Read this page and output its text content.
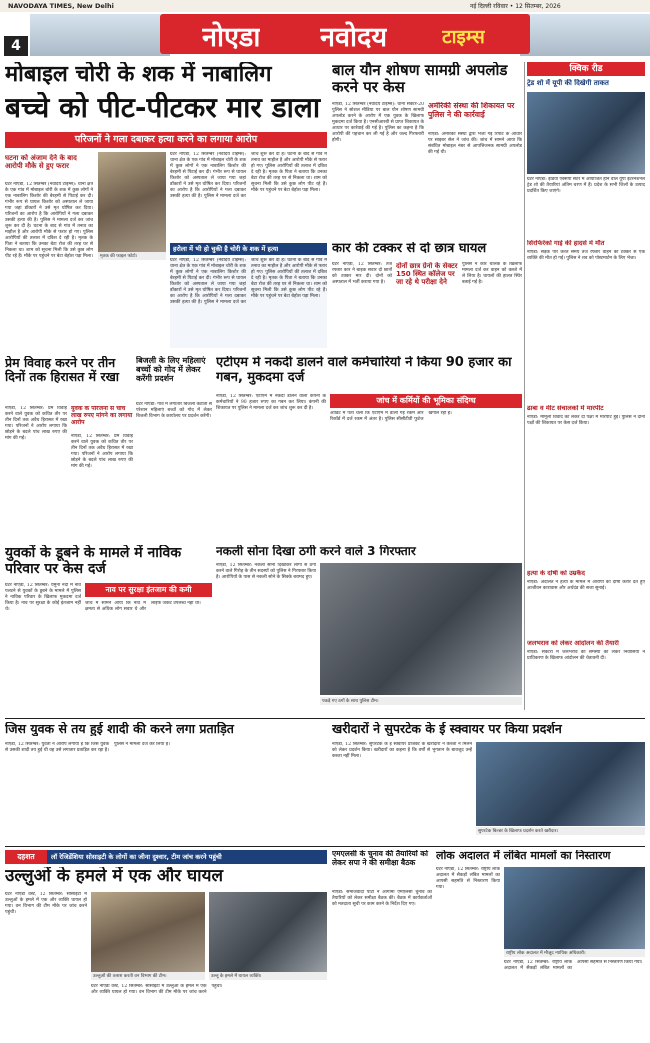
NAVODAYA TIMES, New Delhi	नई दिल्ली रविवार • 12 सितम्बर, 2026
4	नोएडा नवोदय	टाइम्स
मोबाइल चोरी के शक में नाबालिग
बच्चे को पीट-पीटकर मार डाला
परिजनों ने गला दबाकर हत्या करने का लगाया आरोप
घटना को अंजाम देने के बाद आरोपी मौके से हुए फरार
ग्रेटर नोएडा, 12 सितम्बर (नवोदय टाइम्स): थाना क्षेत्र के एक गांव में मोबाइल चोरी के शक में कुछ लोगों ने एक नाबालिग किशोर की बेरहमी से पिटाई कर दी। गंभीर रूप से घायल किशोर को अस्पताल ले जाया गया जहां डॉक्टरों ने उसे मृत घोषित कर दिया। परिजनों का आरोप है कि आरोपियों ने गला दबाकर उसकी हत्या की है। पुलिस ने मामला दर्ज कर जांच शुरू कर दी है। घटना के बाद से गांव में तनाव का माहौल है और आरोपी मौके से फरार हो गए। पुलिस आरोपियों की तलाश में दबिश दे रही है। मृतक के पिता ने बताया कि उनका बेटा रोज की तरह घर से निकला था। शाम को सूचना मिली कि उसे कुछ लोग पीट रहे हैं। मौके पर पहुंचने पर बेटा बेहोश पड़ा मिला।	मृतक की फाइल फोटो।
ग्रेटर नोएडा, 12 सितम्बर (नवोदय टाइम्स): थाना क्षेत्र के एक गांव में मोबाइल चोरी के शक में कुछ लोगों ने एक नाबालिग किशोर की बेरहमी से पिटाई कर दी। गंभीर रूप से घायल किशोर को अस्पताल ले जाया गया जहां डॉक्टरों ने उसे मृत घोषित कर दिया। परिजनों का आरोप है कि आरोपियों ने गला दबाकर उसकी हत्या की है। पुलिस ने मामला दर्ज कर जांच शुरू कर दी है। घटना के बाद से गांव में तनाव का माहौल है और आरोपी मौके से फरार हो गए। पुलिस आरोपियों की तलाश में दबिश दे रही है। मृतक के पिता ने बताया कि उनका बेटा रोज की तरह घर से निकला था। शाम को सूचना मिली कि उसे कुछ लोग पीट रहे हैं। मौके पर पहुंचने पर बेटा बेहोश पड़ा मिला।
हरोला में भी हो चुकी है चोरी के शक में हत्या
ग्रेटर नोएडा, 12 सितम्बर (नवोदय टाइम्स): थाना क्षेत्र के एक गांव में मोबाइल चोरी के शक में कुछ लोगों ने एक नाबालिग किशोर की बेरहमी से पिटाई कर दी। गंभीर रूप से घायल किशोर को अस्पताल ले जाया गया जहां डॉक्टरों ने उसे मृत घोषित कर दिया। परिजनों का आरोप है कि आरोपियों ने गला दबाकर उसकी हत्या की है। पुलिस ने मामला दर्ज कर जांच शुरू कर दी है। घटना के बाद से गांव में तनाव का माहौल है और आरोपी मौके से फरार हो गए। पुलिस आरोपियों की तलाश में दबिश दे रही है। मृतक के पिता ने बताया कि उनका बेटा रोज की तरह घर से निकला था। शाम को सूचना मिली कि उसे कुछ लोग पीट रहे हैं। मौके पर पहुंचने पर बेटा बेहोश पड़ा मिला।
बाल यौन शोषण सामग्री अपलोड करने पर केस
नोएडा, 12 सितम्बर (नवोदय टाइम्स): थाना सेक्टर-20 पुलिस ने सोशल मीडिया पर बाल यौन शोषण सामग्री अपलोड करने के आरोप में एक युवक के खिलाफ मुकदमा दर्ज किया है। एनसीआरबी से प्राप्त शिकायत के आधार पर कार्रवाई की गई है। पुलिस का कहना है कि आरोपी की पहचान कर ली गई है और जल्द गिरफ्तारी होगी।
अमेरिकी संस्था की शिकायत पर पुलिस ने की कार्रवाई
नोएडा: अमेरिकी संस्था द्वारा भेजी गई रिपोर्ट के आधार पर साइबर सेल ने जांच की। जांच में सामने आया कि संबंधित मोबाइल नंबर से आपत्तिजनक सामग्री अपलोड की गई थी।
क्विक रीड
ट्रेड शो में यूपी की दिखेगी ताकत
ग्रेटर नोएडा: इंडिया एक्सपो सेंटर में आयोजित होने वाले यूपी इंटरनेशनल ट्रेड शो की तैयारियां अंतिम चरण में हैं। प्रदेश के सभी जिलों के उत्पाद प्रदर्शित किए जाएंगे।
सिरफिरेकों गाई की हादसे में मौत
नोएडा: सड़क पार करते समय तेज रफ्तार वाहन की टक्कर से एक व्यक्ति की मौत हो गई। पुलिस ने शव को पोस्टमार्टम के लिए भेजा।
ढाबा व मीट संचालकों में मारपीट
नोएडा: मामूली विवाद को लेकर दो पक्षों में मारपीट हुई। पुलिस ने दोनों पक्षों की शिकायत पर केस दर्ज किया।
हत्या के दोषी को उम्रकैद
नोएडा: अदालत ने हत्या के मामले में आरोपी को दोषी करार देते हुए आजीवन कारावास और अर्थदंड की सजा सुनाई।
जलभराव को लेकर आंदोलन की तैयारी
नोएडा: सेक्टरों में जलभराव की समस्या को लेकर निवासियों ने प्राधिकरण के खिलाफ आंदोलन की चेतावनी दी।
कार की टक्कर से दो छात्र घायल
ग्रेटर नोएडा, 12 सितम्बर: तेज रफ्तार कार ने बाइक सवार दो छात्रों को टक्कर मार दी। दोनों को अस्पताल में भर्ती कराया गया है।
दोनों छात्र ग्रेनो के सेक्टर 150 स्थित कॉलेज पर जा रहे थे परीक्षा देने
पुलिस ने कार चालक के खिलाफ मामला दर्ज कर वाहन को कब्जे में ले लिया है। घायलों की हालत स्थिर बताई गई है।
प्रेम विवाह करने पर तीन दिनों तक हिरासत में रखा
नोएडा, 12 सितम्बर: प्रेम विवाह करने वाले युवक को कथित तौर पर तीन दिनों तक अवैध हिरासत में रखा गया। परिजनों ने आरोप लगाया कि छोड़ने के बदले पांच लाख रुपए की मांग की गई।
युवक के परिजनों से चांच लाख रुपए मांगने का लगाया आरोप
नोएडा, 12 सितम्बर: प्रेम विवाह करने वाले युवक को कथित तौर पर तीन दिनों तक अवैध हिरासत में रखा गया। परिजनों ने आरोप लगाया कि छोड़ने के बदले पांच लाख रुपए की मांग की गई।
बिजली के लिए महिलाएं बच्चों को गोद में लेकर करेंगी प्रदर्शन
ग्रेटर नोएडा: गांव में लगातार बिजली कटौती से परेशान महिलाएं बच्चों को गोद में लेकर बिजली विभाग के कार्यालय पर प्रदर्शन करेंगी।
एटीएम में नकदी डालने वाले कर्मचारियों ने किया 90 हजार का गबन, मुकदमा दर्ज
नोएडा, 12 सितम्बर: एटीएम में नकदी डालने वाली कंपनी के कर्मचारियों ने 90 हजार रुपए का गबन कर लिया। कंपनी की शिकायत पर पुलिस ने मामला दर्ज कर जांच शुरू कर दी है।
जांच में कर्मियों की भूमिका संदिग्ध
ऑडिट में पता चला कि एटीएम में डाली गई रकम और रिकॉर्ड में दर्ज रकम में अंतर है। पुलिस सीसीटीवी फुटेज खंगाल रही है।
नकली सोना दिखा ठगी करने वाले 3 गिरफ्तार
नोएडा, 12 सितम्बर: नकली सोना दिखाकर लोगों से ठगी करने वाले गिरोह के तीन सदस्यों को पुलिस ने गिरफ्तार किया है। आरोपियों के पास से नकली सोने के सिक्के बरामद हुए।
पकड़े गए ठगों के साथ पुलिस टीम।
युवकों के डूबने के मामले में नाविक परिवार पर केस दर्ज
नाव पर सुरक्षा इंतजाम की कमी
ग्रेटर नोएडा, 12 सितम्बर: यमुना नदी में नाव पलटने से युवकों के डूबने के मामले में पुलिस ने नाविक परिवार के खिलाफ मुकदमा दर्ज किया है। नाव पर सुरक्षा के कोई इंतजाम नहीं थे।
जांच में सामने आया कि नाव में क्षमता से अधिक लोग सवार थे और लाइफ जैकेट उपलब्ध नहीं थी।
जिस युवक से तय हुई शादी की करने लगा प्रताड़ित
नोएडा, 12 सितम्बर: युवती ने आरोप लगाया है कि जिस युवक से उसकी शादी तय हुई थी वह उसे लगातार प्रताड़ित कर रहा है। पुलिस ने मामला दर्ज कर लिया है।
खरीदारों ने सुपरटेक के ई स्क्वायर पर किया प्रदर्शन
नोएडा, 12 सितम्बर: सुपरटेक के ई स्क्वायर प्रोजेक्ट के खरीदारों ने कब्जा न मिलने को लेकर प्रदर्शन किया। खरीदारों का कहना है कि वर्षों से भुगतान के बावजूद उन्हें कब्जा नहीं मिला।
सुपरटेक बिल्डर के खिलाफ प्रदर्शन करते खरीदार।
दहशत	लॉ रेजिडेंशिया सोसाइटी के लोगों का जीना दुश्वार, टीम जांच करने पहुंची
उल्लुओं के हमले में एक और घायल
ग्रेटर नोएडा वेस्ट, 12 सितम्बर: सोसाइटी में उल्लुओं के हमले में एक और व्यक्ति घायल हो गया। वन विभाग की टीम मौके पर जांच करने पहुंची।
उल्लुओं की तलाश करती वन विभाग की टीम।	उल्लू के हमले में घायल व्यक्ति।
ग्रेटर नोएडा वेस्ट, 12 सितम्बर: सोसाइटी में उल्लुओं के हमले में एक और व्यक्ति घायल हो गया। वन विभाग की टीम मौके पर जांच करने पहुंची।
एमएलसी के चुनाव की तैयारियों को लेकर सपा ने की समीक्षा बैठक
नोएडा: समाजवादी पार्टी ने आगामी एमएलसी चुनाव की तैयारियों को लेकर समीक्षा बैठक की। बैठक में कार्यकर्ताओं को मतदाता सूची पर काम करने के निर्देश दिए गए।
लोक अदालत में लंबित मामलों का निस्तारण
ग्रेटर नोएडा, 12 सितम्बर: राष्ट्रीय लोक अदालत में सैकड़ों लंबित मामलों का आपसी सहमति से निस्तारण किया गया।
राष्ट्रीय लोक अदालत में मौजूद न्यायिक अधिकारी।
ग्रेटर नोएडा, 12 सितम्बर: राष्ट्रीय लोक अदालत में सैकड़ों लंबित मामलों का आपसी सहमति से निस्तारण किया गया।
